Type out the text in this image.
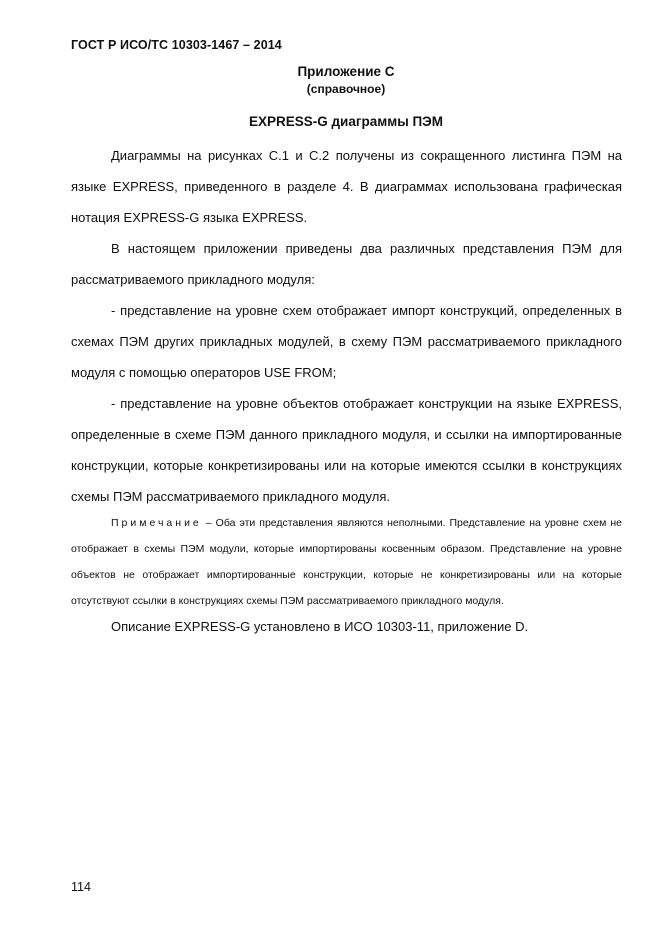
ГОСТ Р ИСО/ТС 10303-1467 – 2014
Приложение С
(справочное)
EXPRESS-G диаграммы ПЭМ

Диаграммы на рисунках С.1 и С.2 получены из сокращенного листинга ПЭМ на языке EXPRESS, приведенного в разделе 4. В диаграммах использована графическая нотация EXPRESS-G языка EXPRESS.

В настоящем приложении приведены два различных представления ПЭМ для рассматриваемого прикладного модуля:

- представление на уровне схем отображает импорт конструкций, определенных в схемах ПЭМ других прикладных модулей, в схему ПЭМ рассматриваемого прикладного модуля с помощью операторов USE FROM;

- представление на уровне объектов отображает конструкции на языке EXPRESS, определенные в схеме ПЭМ данного прикладного модуля, и ссылки на импортированные конструкции, которые конкретизированы или на которые имеются ссылки в конструкциях схемы ПЭМ рассматриваемого прикладного модуля.

Примечание – Оба эти представления являются неполными. Представление на уровне схем не отображает в схемы ПЭМ модули, которые импортированы косвенным образом. Представление на уровне объектов не отображает импортированные конструкции, которые не конкретизированы или на которые отсутствуют ссылки в конструкциях схемы ПЭМ рассматриваемого прикладного модуля.

Описание EXPRESS-G установлено в ИСО 10303-11, приложение D.

114
